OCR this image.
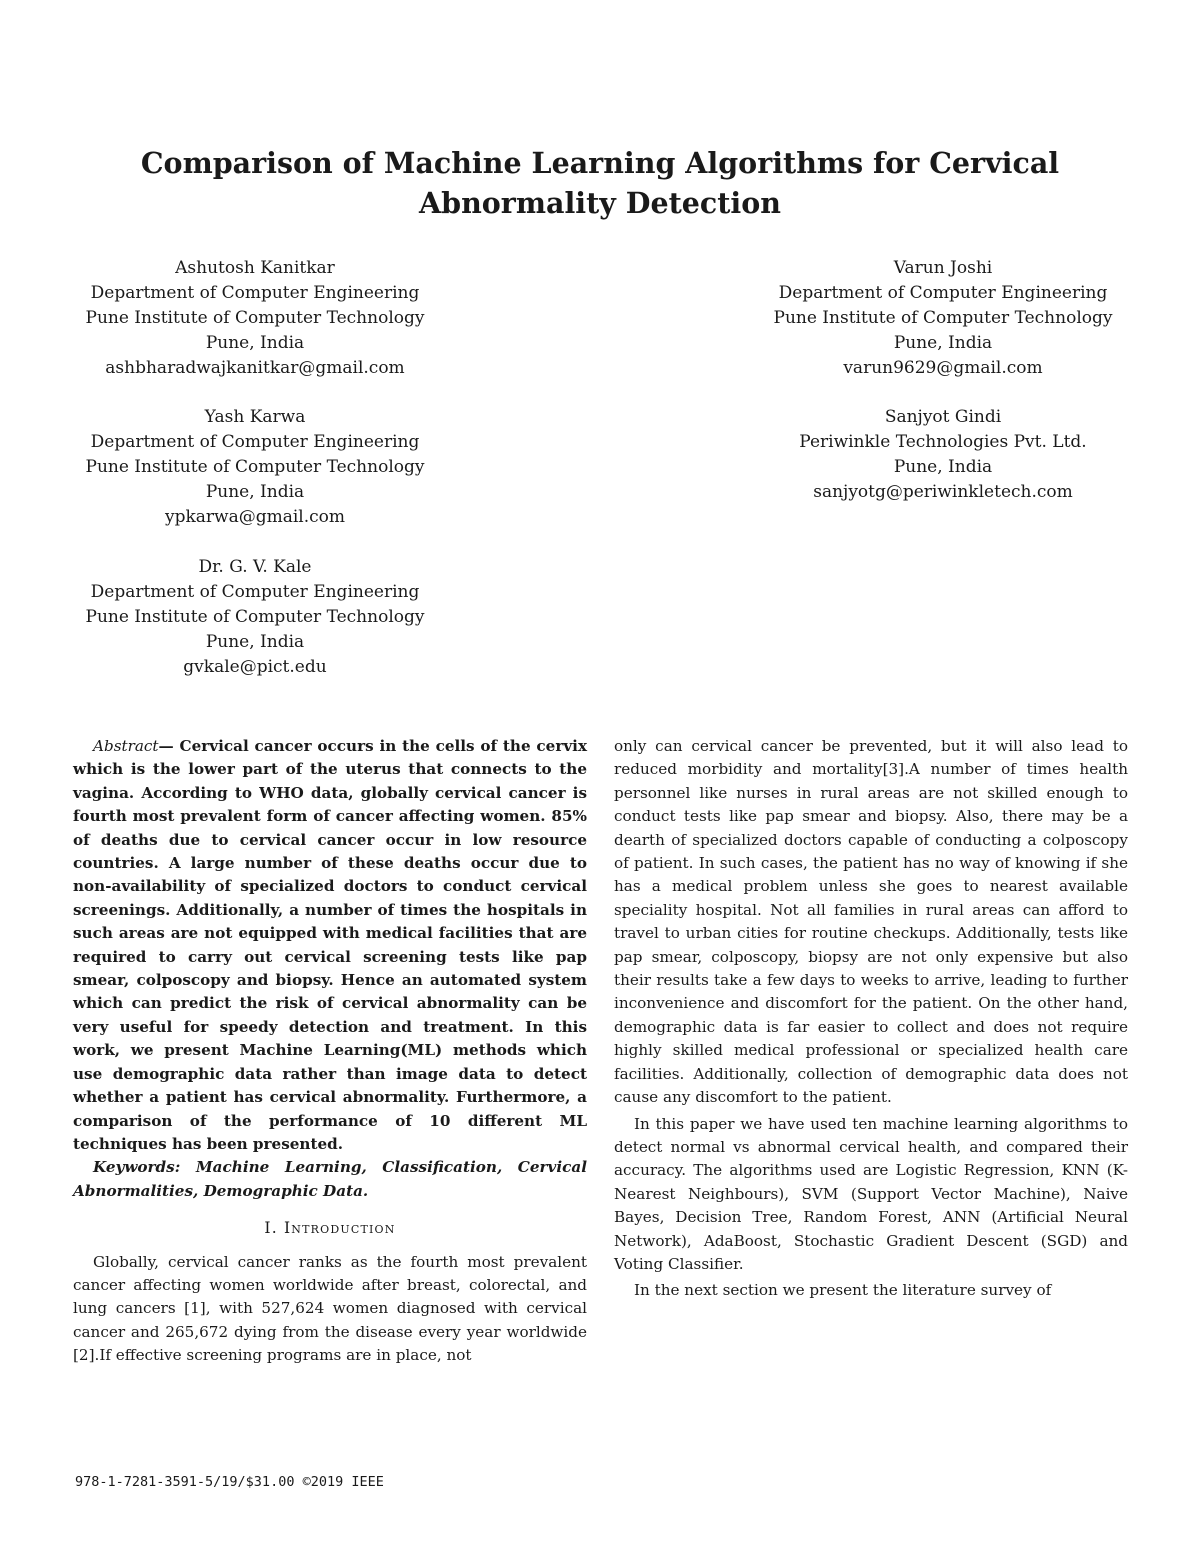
Comparison of Machine Learning Algorithms for Cervical
Abnormality Detection
Ashutosh Kanitkar
Department of Computer Engineering
Pune Institute of Computer Technology
Pune, India
ashbharadwajkanitkar@gmail.com
Varun Joshi
Department of Computer Engineering
Pune Institute of Computer Technology
Pune, India
varun9629@gmail.com
Yash Karwa
Department of Computer Engineering
Pune Institute of Computer Technology
Pune, India
ypkarwa@gmail.com
Sanjyot Gindi
Periwinkle Technologies Pvt. Ltd.
Pune, India
sanjyotg@periwinkletech.com
Dr. G. V. Kale
Department of Computer Engineering
Pune Institute of Computer Technology
Pune, India
gvkale@pict.edu

Abstract— Cervical cancer occurs in the cells of the cervix which is the lower part of the uterus that connects to the vagina. According to WHO data, globally cervical cancer is fourth most prevalent form of cancer affecting women. 85% of deaths due to cervical cancer occur in low resource countries. A large number of these deaths occur due to non-availability of specialized doctors to conduct cervical screenings. Additionally, a number of times the hospitals in such areas are not equipped with medical facilities that are required to carry out cervical screening tests like pap smear, colposcopy and biopsy. Hence an automated system which can predict the risk of cervical abnormality can be very useful for speedy detection and treatment. In this work, we present Machine Learning(ML) methods which use demographic data rather than image data to detect whether a patient has cervical abnormality. Furthermore, a comparison of the performance of 10 different ML techniques has been presented.

Keywords: Machine Learning, Classification, Cervical Abnormalities, Demographic Data.

I. Introduction

Globally, cervical cancer ranks as the fourth most prevalent cancer affecting women worldwide after breast, colorectal, and lung cancers [1], with 527,624 women diagnosed with cervical cancer and 265,672 dying from the disease every year worldwide [2].If effective screening programs are in place, not

only can cervical cancer be prevented, but it will also lead to reduced morbidity and mortality[3].A number of times health personnel like nurses in rural areas are not skilled enough to conduct tests like pap smear and biopsy. Also, there may be a dearth of specialized doctors capable of conducting a colposcopy of patient. In such cases, the patient has no way of knowing if she has a medical problem unless she goes to nearest available speciality hospital. Not all families in rural areas can afford to travel to urban cities for routine checkups. Additionally, tests like pap smear, colposcopy, biopsy are not only expensive but also their results take a few days to weeks to arrive, leading to further inconvenience and discomfort for the patient. On the other hand, demographic data is far easier to collect and does not require highly skilled medical professional or specialized health care facilities. Additionally, collection of demographic data does not cause any discomfort to the patient.

In this paper we have used ten machine learning algorithms to detect normal vs abnormal cervical health, and compared their accuracy. The algorithms used are Logistic Regression, KNN (K-Nearest Neighbours), SVM (Support Vector Machine), Naive Bayes, Decision Tree, Random Forest, ANN (Artificial Neural Network), AdaBoost, Stochastic Gradient Descent (SGD) and Voting Classifier.

In the next section we present the literature survey of

978-1-7281-3591-5/19/$31.00 ©2019 IEEE
